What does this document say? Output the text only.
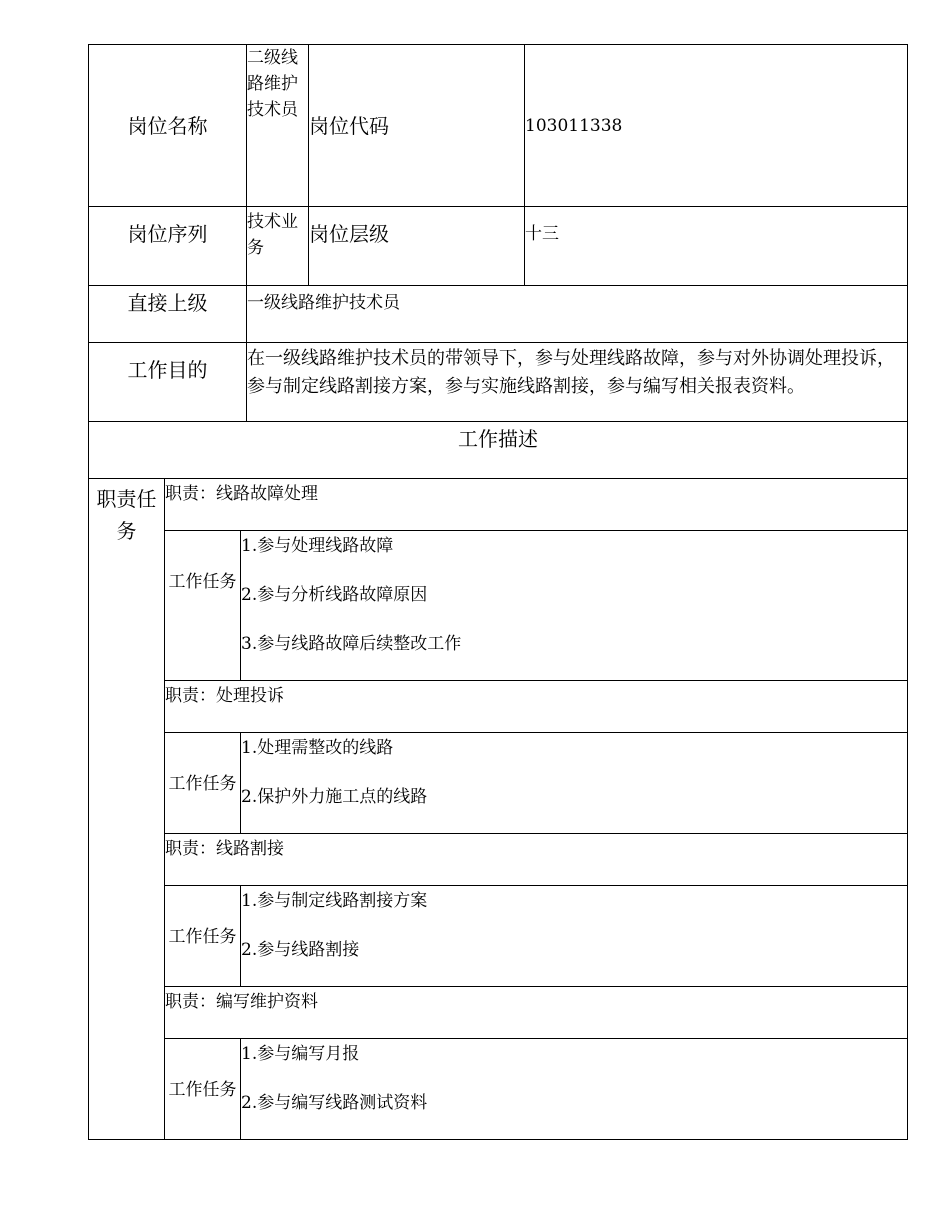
岗位名称			二级线路维护技术员	岗位代码	103011338
岗位序列			技术业务	岗位层级	十三
直接上级			一级线路维护技术员		
工作目的			在一级线路维护技术员的带领导下，参与处理线路故障，参与对外协调处理投诉，参与制定线路割接方案，参与实施线路割接，参与编写相关报表资料。		
工作描述					
职责任务	职责：线路故障处理				
	工作任务	1.参与处理线路故障
2.参与分析线路故障原因
3.参与线路故障后续整改工作			

	职责：处理投诉				
	工作任务	1.处理需整改的线路
2.保护外力施工点的线路			

	职责：线路割接				
	工作任务	1.参与制定线路割接方案
2.参与线路割接			

	职责：编写维护资料				
	工作任务	1.参与编写月报
2.参与编写线路测试资料			
